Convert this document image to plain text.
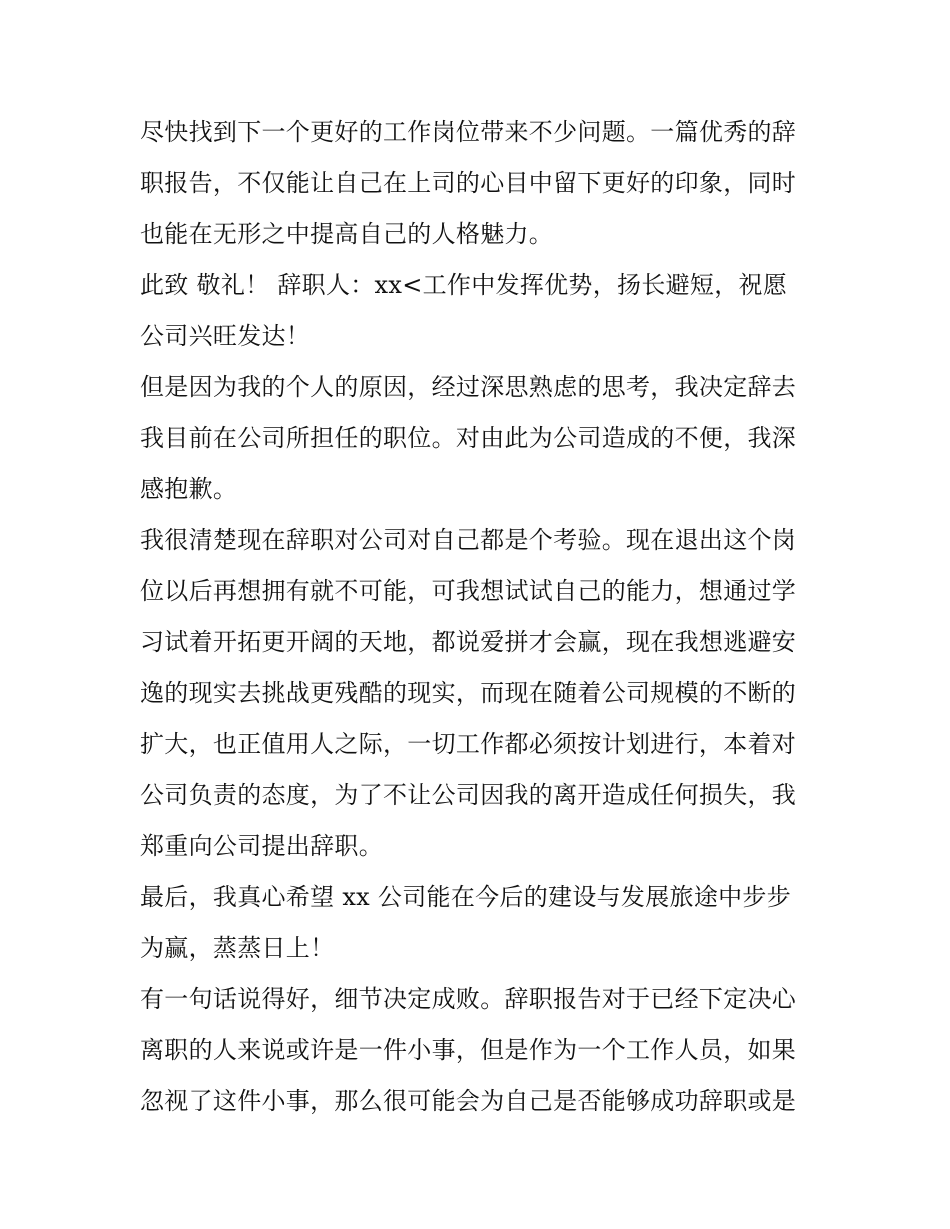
尽快找到下一个更好的工作岗位带来不少问题。一篇优秀的辞
职报告，不仅能让自己在上司的心目中留下更好的印象，同时
也能在无形之中提高自己的人格魅力。
此致 敬礼！ 辞职人：xx<工作中发挥优势，扬长避短，祝愿
公司兴旺发达！
但是因为我的个人的原因，经过深思熟虑的思考，我决定辞去
我目前在公司所担任的职位。对由此为公司造成的不便，我深
感抱歉。
我很清楚现在辞职对公司对自己都是个考验。现在退出这个岗
位以后再想拥有就不可能，可我想试试自己的能力，想通过学
习试着开拓更开阔的天地，都说爱拼才会赢，现在我想逃避安
逸的现实去挑战更残酷的现实，而现在随着公司规模的不断的
扩大，也正值用人之际，一切工作都必须按计划进行，本着对
公司负责的态度，为了不让公司因我的离开造成任何损失，我
郑重向公司提出辞职。
最后，我真心希望 xx 公司能在今后的建设与发展旅途中步步
为赢，蒸蒸日上！
有一句话说得好，细节决定成败。辞职报告对于已经下定决心
离职的人来说或许是一件小事，但是作为一个工作人员，如果
忽视了这件小事，那么很可能会为自己是否能够成功辞职或是
